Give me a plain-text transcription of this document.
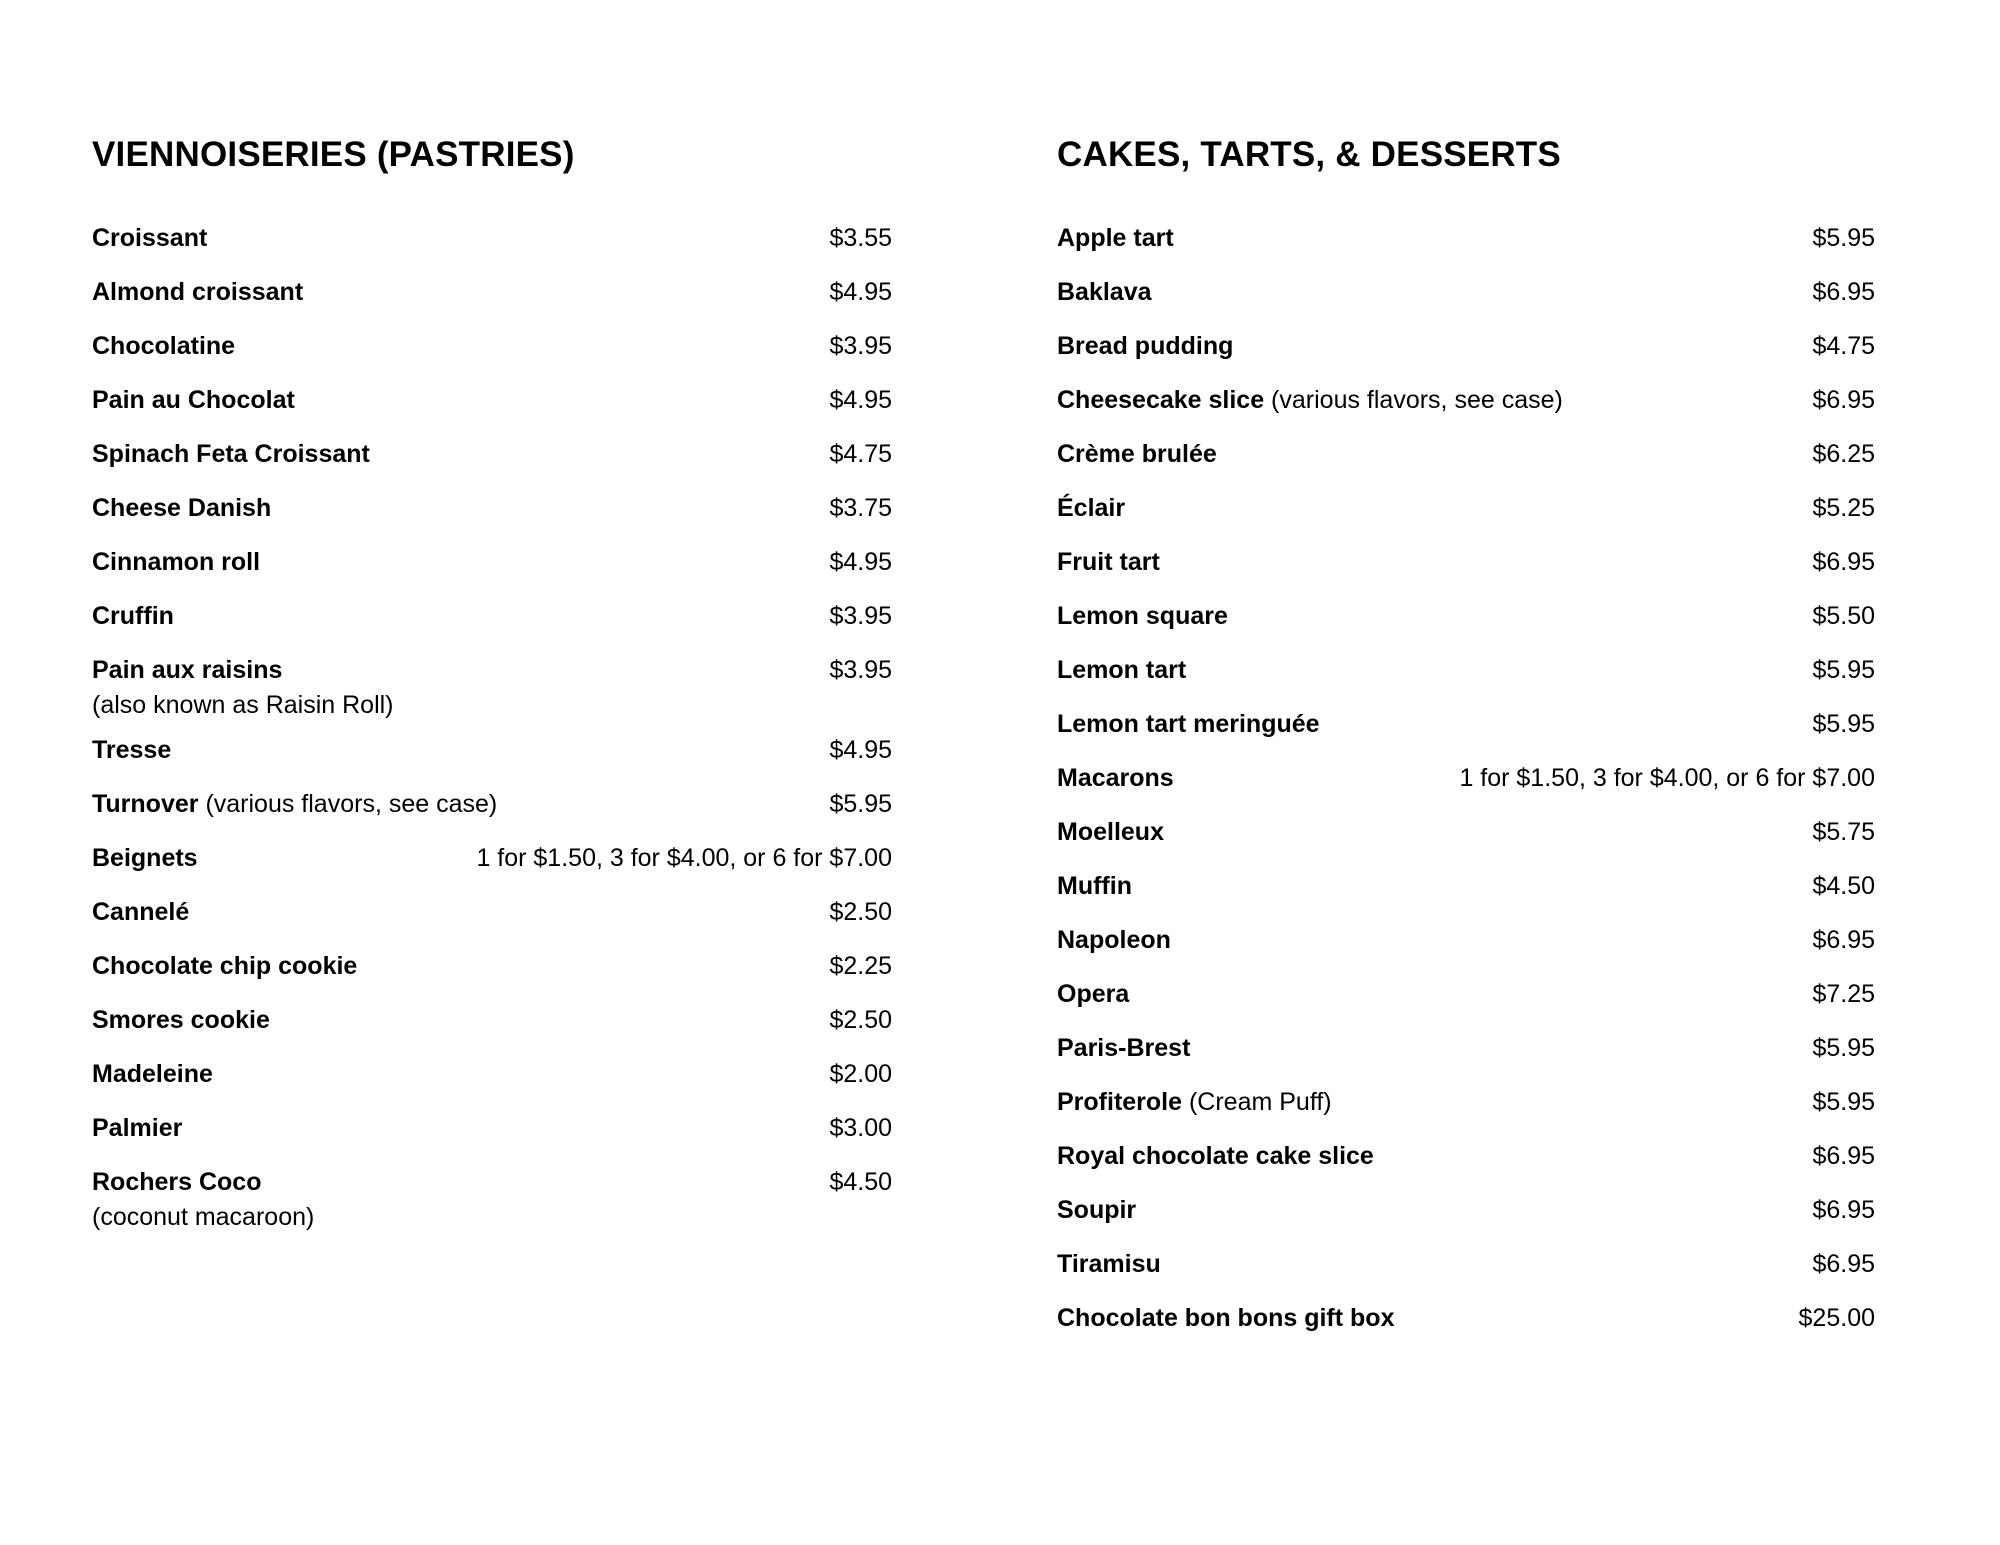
VIENNOISERIES (PASTRIES)
Croissant	$3.55
Almond croissant	$4.95
Chocolatine	$3.95
Pain au Chocolat	$4.95
Spinach Feta Croissant	$4.75
Cheese Danish	$3.75
Cinnamon roll	$4.95
Cruffin	$3.95
Pain aux raisins	$3.95
(also known as Raisin Roll)
Tresse	$4.95
Turnover (various flavors, see case)	$5.95
Beignets	1 for $1.50, 3 for $4.00, or 6 for $7.00
Cannelé	$2.50
Chocolate chip cookie	$2.25
Smores cookie	$2.50
Madeleine	$2.00
Palmier	$3.00
Rochers Coco	$4.50
(coconut macaroon)
CAKES, TARTS, & DESSERTS
Apple tart	$5.95
Baklava	$6.95
Bread pudding	$4.75
Cheesecake slice (various flavors, see case)	$6.95
Crème brulée	$6.25
Éclair	$5.25
Fruit tart	$6.95
Lemon square	$5.50
Lemon tart	$5.95
Lemon tart meringuée	$5.95
Macarons	1 for $1.50, 3 for $4.00, or 6 for $7.00
Moelleux	$5.75
Muffin	$4.50
Napoleon	$6.95
Opera	$7.25
Paris-Brest	$5.95
Profiterole (Cream Puff)	$5.95
Royal chocolate cake slice	$6.95
Soupir	$6.95
Tiramisu	$6.95
Chocolate bon bons gift box	$25.00
